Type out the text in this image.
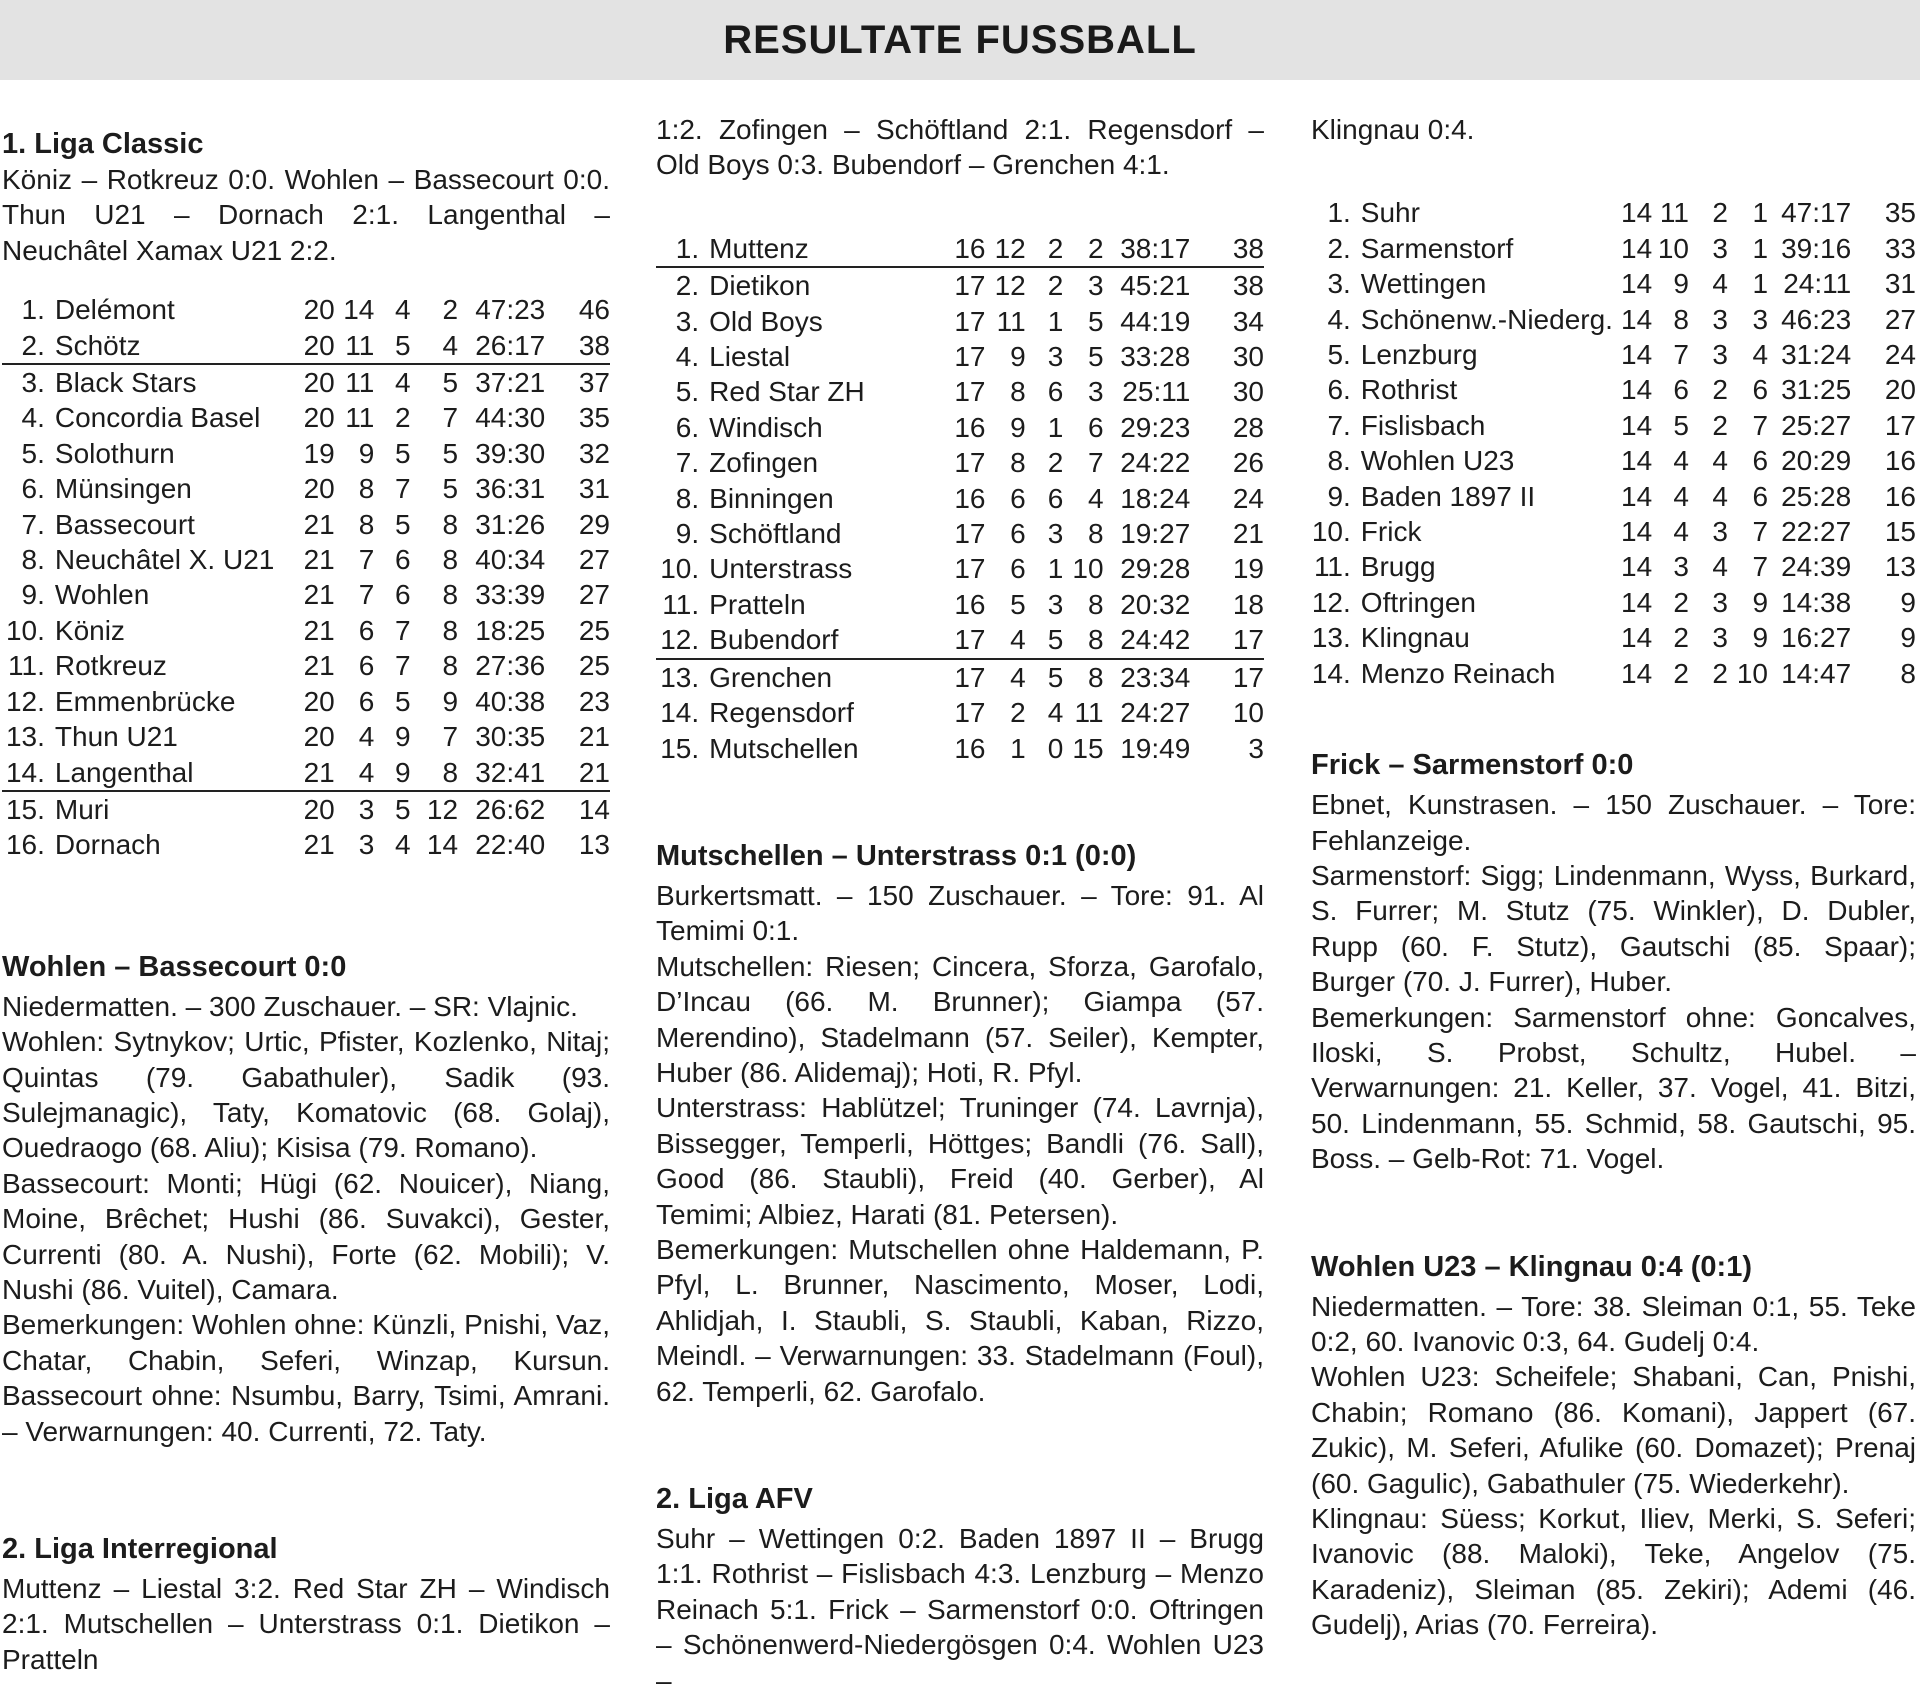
RESULTATE FUSSBALL
1. Liga Classic

Köniz – Rotkreuz 0:0. Wohlen – Bassecourt 0:0. Thun U21 – Dornach 2:1. Langenthal – Neuchâtel Xamax U21 2:2.

1.	Delémont	20	14	4	2	47:23	46
2.	Schötz	20	11	5	4	26:17	38
3.	Black Stars	20	11	4	5	37:21	37
4.	Concordia Basel	20	11	2	7	44:30	35
5.	Solothurn	19	9	5	5	39:30	32
6.	Münsingen	20	8	7	5	36:31	31
7.	Bassecourt	21	8	5	8	31:26	29
8.	Neuchâtel X. U21	21	7	6	8	40:34	27
9.	Wohlen	21	7	6	8	33:39	27
10.	Köniz	21	6	7	8	18:25	25
11.	Rotkreuz	21	6	7	8	27:36	25
12.	Emmenbrücke	20	6	5	9	40:38	23
13.	Thun U21	20	4	9	7	30:35	21
14.	Langenthal	21	4	9	8	32:41	21
15.	Muri	20	3	5	12	26:62	14
16.	Dornach	21	3	4	14	22:40	13
Wohlen – Bassecourt 0:0

Niedermatten. – 300 Zuschauer. – SR: Vlajnic.

Wohlen: Sytnykov; Urtic, Pfister, Kozlenko, Nitaj; Quintas (79. Gabathuler), Sadik (93. Sulejmanagic), Taty, Komatovic (68. Golaj), Ouedraogo (68. Aliu); Kisisa (79. Romano).

Bassecourt: Monti; Hügi (62. Nouicer), Niang, Moine, Brêchet; Hushi (86. Suvakci), Gester, Currenti (80. A. Nushi), Forte (62. Mobili); V. Nushi (86. Vuitel), Camara.

Bemerkungen: Wohlen ohne: Künzli, Pnishi, Vaz, Chatar, Chabin, Seferi, Winzap, Kursun. Bassecourt ohne: Nsumbu, Barry, Tsimi, Amrani. – Verwarnungen: 40. Currenti, 72. Taty.

2. Liga Interregional

Muttenz – Liestal 3:2. Red Star ZH – Windisch 2:1. Mutschellen – Unterstrass 0:1. Dietikon – Pratteln

1:2. Zofingen – Schöftland 2:1. Regensdorf – Old Boys 0:3. Bubendorf – Grenchen 4:1.

1.	Muttenz	16	12	2	2	38:17	38
2.	Dietikon	17	12	2	3	45:21	38
3.	Old Boys	17	11	1	5	44:19	34
4.	Liestal	17	9	3	5	33:28	30
5.	Red Star ZH	17	8	6	3	25:11	30
6.	Windisch	16	9	1	6	29:23	28
7.	Zofingen	17	8	2	7	24:22	26
8.	Binningen	16	6	6	4	18:24	24
9.	Schöftland	17	6	3	8	19:27	21
10.	Unterstrass	17	6	1	10	29:28	19
11.	Pratteln	16	5	3	8	20:32	18
12.	Bubendorf	17	4	5	8	24:42	17
13.	Grenchen	17	4	5	8	23:34	17
14.	Regensdorf	17	2	4	11	24:27	10
15.	Mutschellen	16	1	0	15	19:49	3
Mutschellen – Unterstrass 0:1 (0:0)

Burkertsmatt. – 150 Zuschauer. – Tore: 91. Al Temimi 0:1.

Mutschellen: Riesen; Cincera, Sforza, Garofalo, D’Incau (66. M. Brunner); Giampa (57. Merendino), Stadelmann (57. Seiler), Kempter, Huber (86. Alidemaj); Hoti, R. Pfyl.

Unterstrass: Hablützel; Truninger (74. Lavrnja), Bissegger, Temperli, Höttges; Bandli (76. Sall), Good (86. Staubli), Freid (40. Gerber), Al Temimi; Albiez, Harati (81. Petersen).

Bemerkungen: Mutschellen ohne Haldemann, P. Pfyl, L. Brunner, Nascimento, Moser, Lodi, Ahlidjah, I. Staubli, S. Staubli, Kaban, Rizzo, Meindl. – Verwarnungen: 33. Stadelmann (Foul), 62. Temperli, 62. Garofalo.

2. Liga AFV

Suhr – Wettingen 0:2. Baden 1897 II – Brugg 1:1. Rothrist – Fislisbach 4:3. Lenzburg – Menzo Reinach 5:1. Frick – Sarmenstorf 0:0. Oftringen – Schönenwerd-Niedergösgen 0:4. Wohlen U23 –

Klingnau 0:4.

1.	Suhr	14	11	2	1	47:17	35
2.	Sarmenstorf	14	10	3	1	39:16	33
3.	Wettingen	14	9	4	1	24:11	31
4.	Schönenw.-Niederg.	14	8	3	3	46:23	27
5.	Lenzburg	14	7	3	4	31:24	24
6.	Rothrist	14	6	2	6	31:25	20
7.	Fislisbach	14	5	2	7	25:27	17
8.	Wohlen U23	14	4	4	6	20:29	16
9.	Baden 1897 II	14	4	4	6	25:28	16
10.	Frick	14	4	3	7	22:27	15
11.	Brugg	14	3	4	7	24:39	13
12.	Oftringen	14	2	3	9	14:38	9
13.	Klingnau	14	2	3	9	16:27	9
14.	Menzo Reinach	14	2	2	10	14:47	8
Frick – Sarmenstorf 0:0

Ebnet, Kunstrasen. – 150 Zuschauer. – Tore: Fehlanzeige.

Sarmenstorf: Sigg; Lindenmann, Wyss, Burkard, S. Furrer; M. Stutz (75. Winkler), D. Dubler, Rupp (60. F. Stutz), Gautschi (85. Spaar); Burger (70. J. Furrer), Huber.

Bemerkungen: Sarmenstorf ohne: Goncalves, Iloski, S. Probst, Schultz, Hubel. – Verwarnungen: 21. Keller, 37. Vogel, 41. Bitzi, 50. Lindenmann, 55. Schmid, 58. Gautschi, 95. Boss. – Gelb-Rot: 71. Vogel.

Wohlen U23 – Klingnau 0:4 (0:1)

Niedermatten. – Tore: 38. Sleiman 0:1, 55. Teke 0:2, 60. Ivanovic 0:3, 64. Gudelj 0:4.

Wohlen U23: Scheifele; Shabani, Can, Pnishi, Chabin; Romano (86. Komani), Jappert (67. Zukic), M. Seferi, Afulike (60. Domazet); Prenaj (60. Gagulic), Gabathuler (75. Wiederkehr).

Klingnau: Süess; Korkut, Iliev, Merki, S. Seferi; Ivanovic (88. Maloki), Teke, Angelov (75. Karadeniz), Sleiman (85. Zekiri); Ademi (46. Gudelj), Arias (70. Ferreira).
